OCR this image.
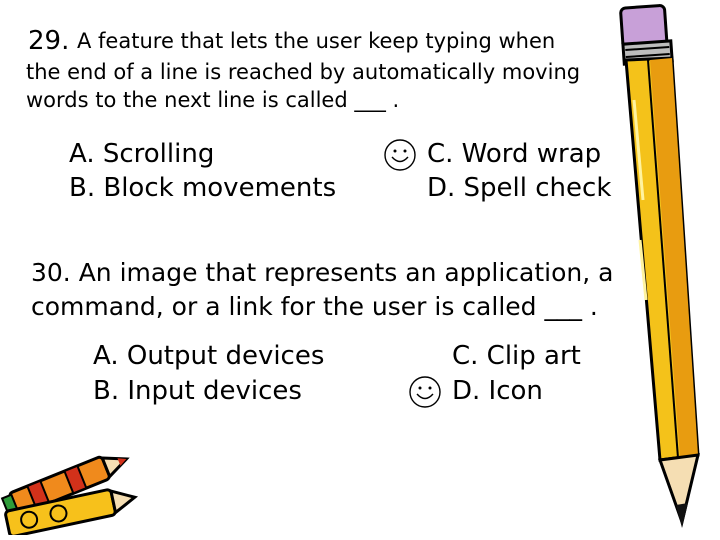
29. A feature that lets the user keep typing when
the end of a line is reached by automatically moving
words to the next line is called ___ .
A. Scrolling
B. Block movements
C. Word wrap
D. Spell check
30. An image that represents an application, a
command, or a link for the user is called ___ .
A. Output devices
B. Input devices
C. Clip art
D. Icon
